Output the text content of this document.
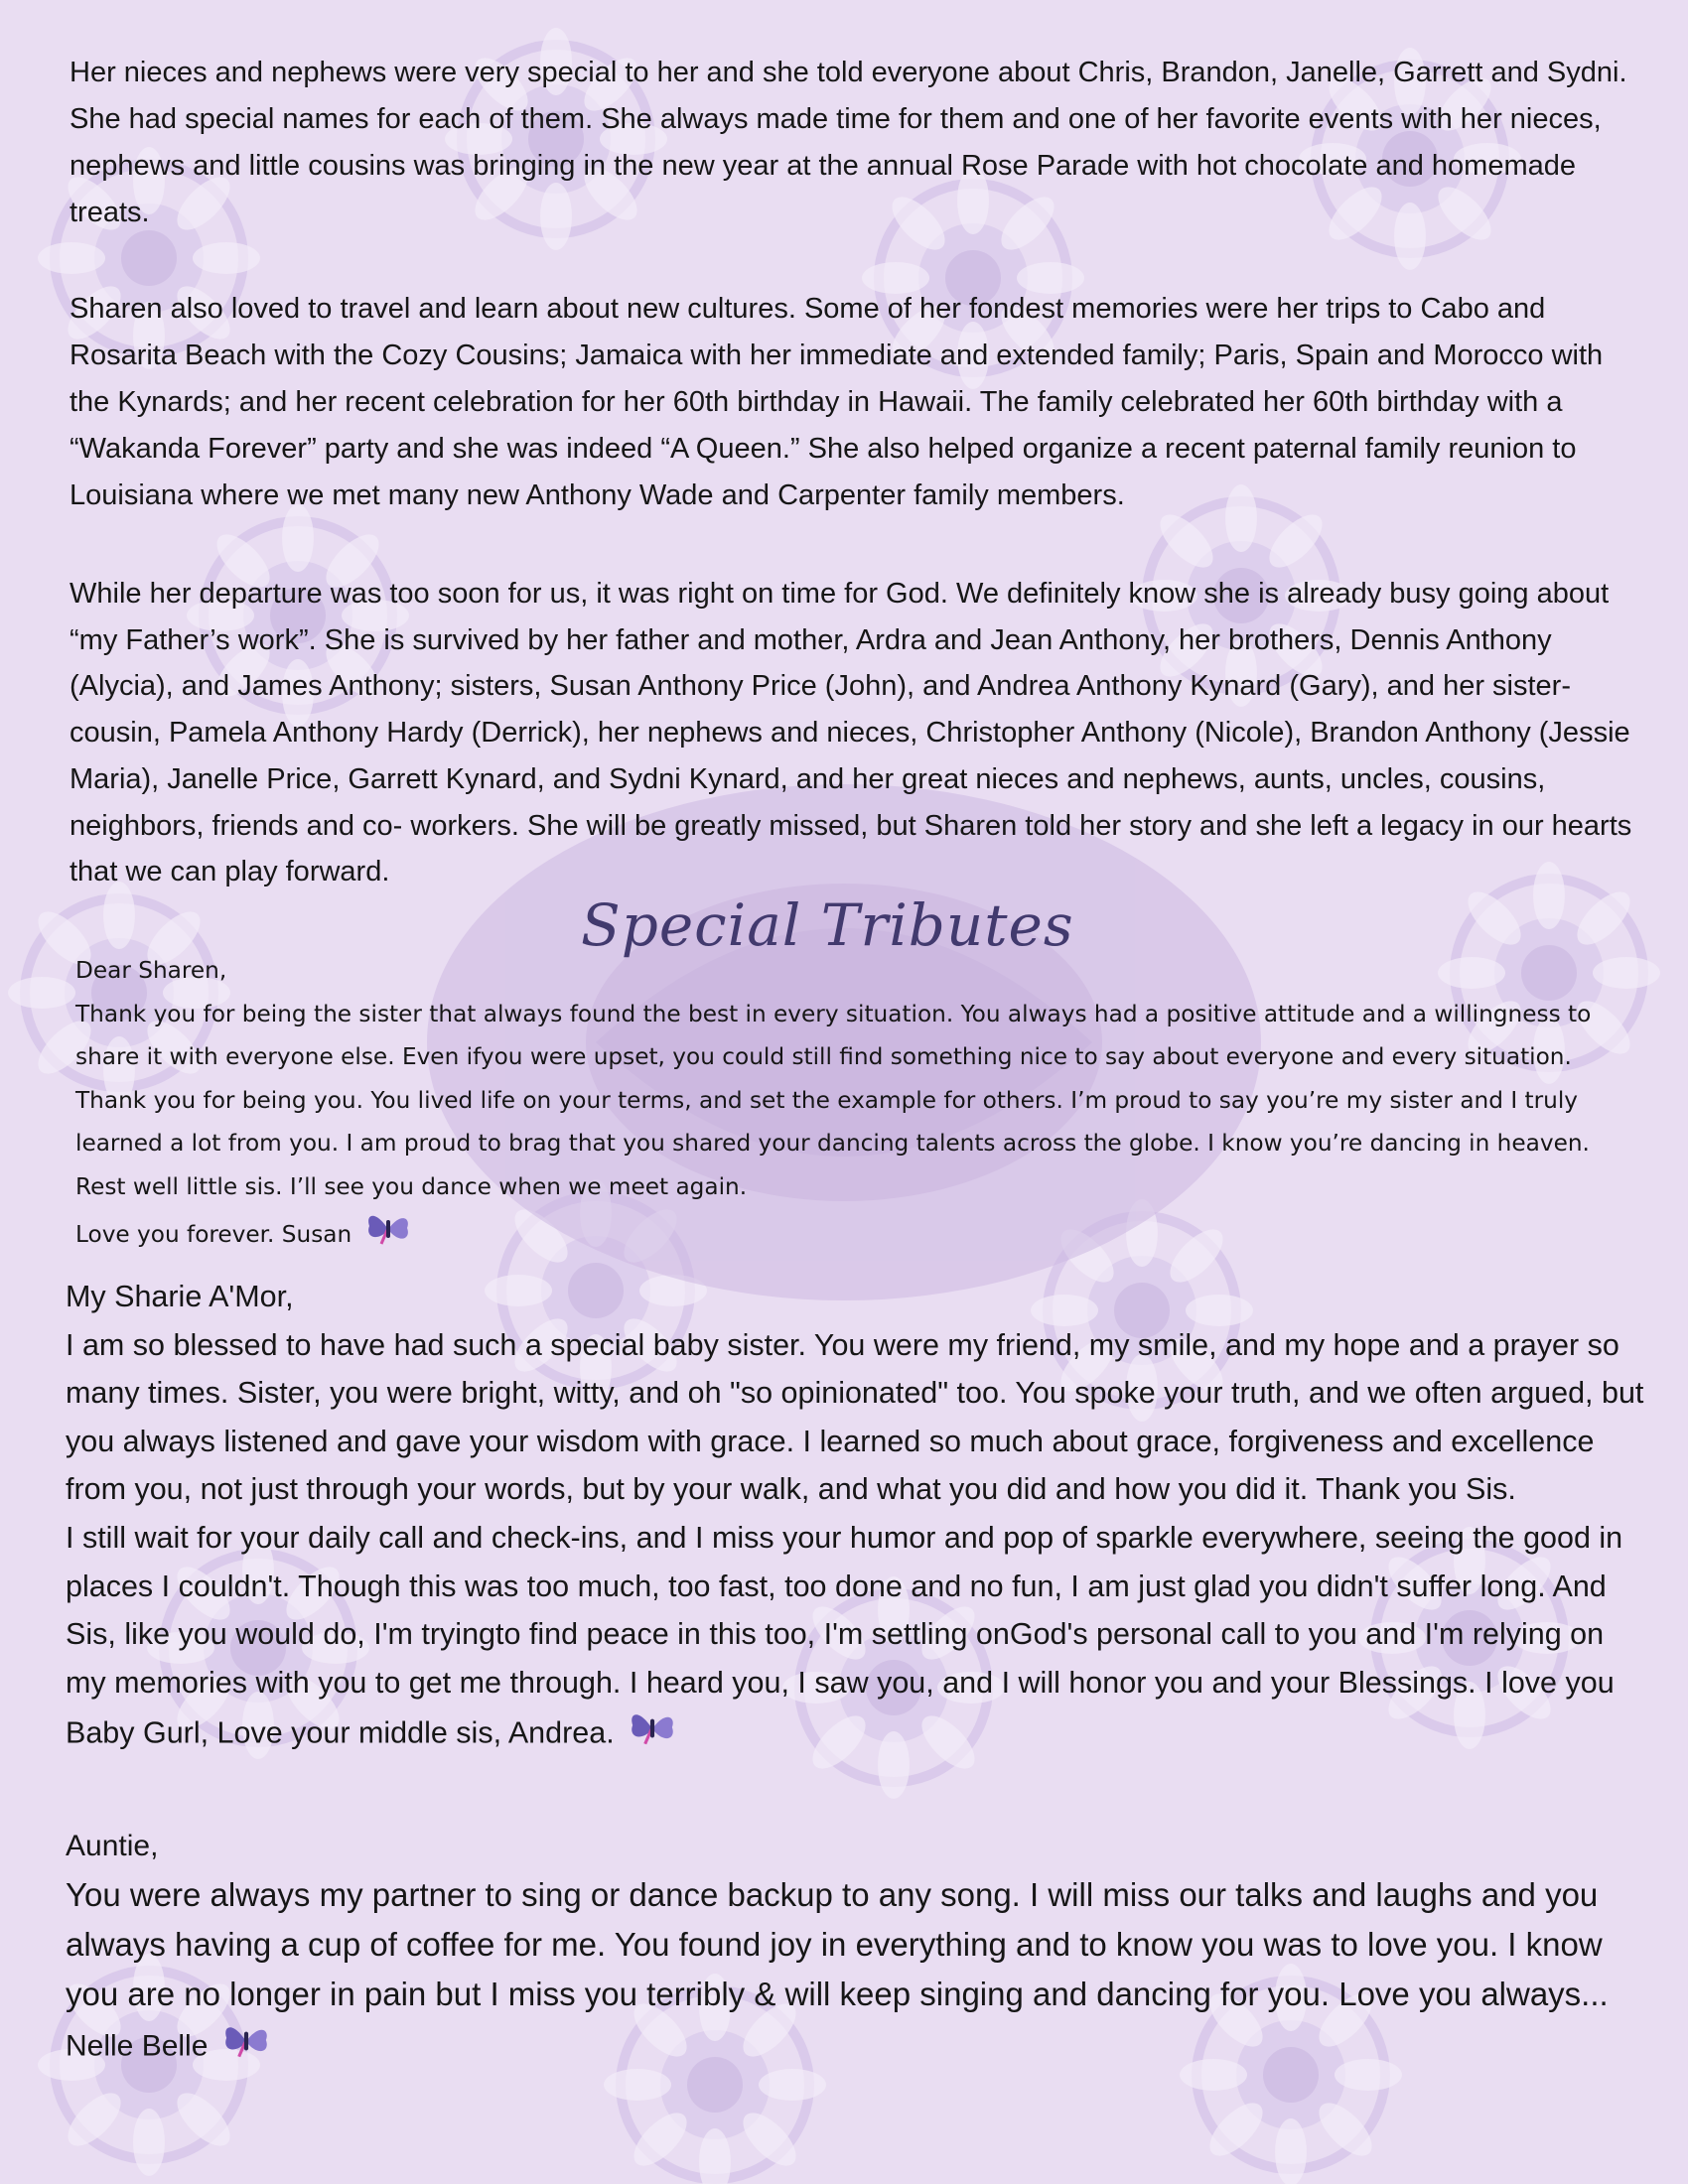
Her nieces and nephews were very special to her and she told everyone about Chris, Brandon, Janelle, Garrett and Sydni. She had special names for each of them. She always made time for them and one of her favorite events with her nieces, nephews and little cousins was bringing in the new year at the annual Rose Parade with hot chocolate and homemade treats.

Sharen also loved to travel and learn about new cultures. Some of her fondest memories were her trips to Cabo and Rosarita Beach with the Cozy Cousins; Jamaica with her immediate and extended family; Paris, Spain and Morocco with the Kynards; and her recent celebration for her 60th birthday in Hawaii. The family celebrated her 60th birthday with a “Wakanda Forever” party and she was indeed “A Queen.” She also helped organize a recent paternal family reunion to Louisiana where we met many new Anthony Wade and Carpenter family members.

While her departure was too soon for us, it was right on time for God. We definitely know she is already busy going about “my Father’s work”. She is survived by her father and mother, Ardra and Jean Anthony, her brothers, Dennis Anthony (Alycia), and James Anthony; sisters, Susan Anthony Price (John), and Andrea Anthony Kynard (Gary), and her sister- cousin, Pamela Anthony Hardy (Derrick), her nephews and nieces, Christopher Anthony (Nicole), Brandon Anthony (Jessie Maria), Janelle Price, Garrett Kynard, and Sydni Kynard, and her great nieces and nephews, aunts, uncles, cousins, neighbors, friends and co- workers. She will be greatly missed, but Sharen told her story and she left a legacy in our hearts that we can play forward.

Special Tributes

Dear Sharen,

Thank you for being the sister that always found the best in every situation. You always had a positive attitude and a willingness to share it with everyone else. Even ifyou were upset, you could still find something nice to say about everyone and every situation. Thank you for being you. You lived life on your terms, and set the example for others. I’m proud to say you’re my sister and I truly learned a lot from you. I am proud to brag that you shared your dancing talents across the globe. I know you’re dancing in heaven. Rest well little sis. I’ll see you dance when we meet again.

Love you forever. Susan

My Sharie A'Mor,

I am so blessed to have had such a special baby sister. You were my friend, my smile, and my hope and a prayer so many times. Sister, you were bright, witty, and oh "so opinionated" too. You spoke your truth, and we often argued, but you always listened and gave your wisdom with grace. I learned so much about grace, forgiveness and excellence from you, not just through your words, but by your walk, and what you did and how you did it. Thank you Sis.

I still wait for your daily call and check-ins, and I miss your humor and pop of sparkle everywhere, seeing the good in places I couldn't. Though this was too much, too fast, too done and no fun, I am just glad you didn't suffer long. And Sis, like you would do, I'm tryingto find peace in this too, I'm settling onGod's personal call to you and I'm relying on my memories with you to get me through. I heard you, I saw you, and I will honor you and your Blessings. I love you Baby Gurl, Love your middle sis, Andrea.

Auntie,

You were always my partner to sing or dance backup to any song. I will miss our talks and laughs and you always having a cup of coffee for me. You found joy in everything and to know you was to love you. I know you are no longer in pain but I miss you terribly & will keep singing and dancing for you. Love you always...

Nelle Belle
